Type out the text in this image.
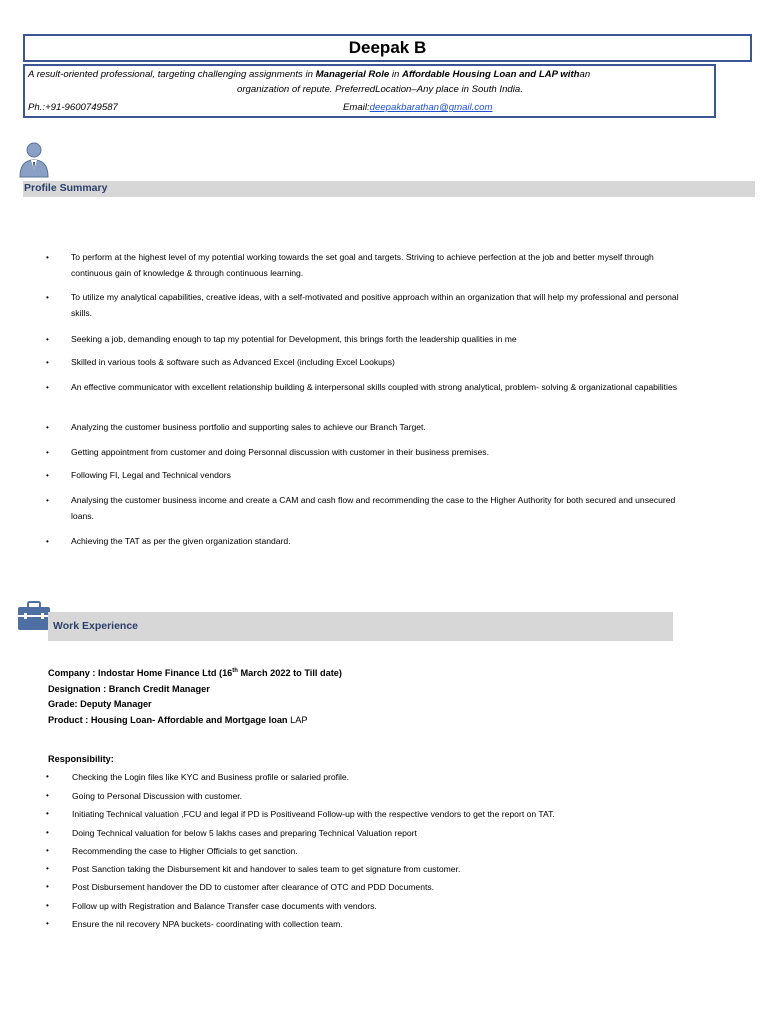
Deepak B
A result-oriented professional, targeting challenging assignments in Managerial Role in Affordable Housing Loan and LAP withan
organization of repute. PreferredLocation–Any place in South India.
Ph.:+91-9600749587	Email:deepakbarathan@gmail.com
Profile Summary
•	To perform at the highest level of my potential working towards the set goal and targets. Striving to achieve perfection at the job and better myself through continuous gain of knowledge & through continuous learning.
•	To utilize my analytical capabilities, creative ideas, with a self-motivated and positive approach within an organization that will help my professional and personal skills.
•	Seeking a job, demanding enough to tap my potential for Development, this brings forth the leadership qualities in me
•	Skilled in various tools & software such as Advanced Excel (including Excel Lookups)
•	An effective communicator with excellent relationship building & interpersonal skills coupled with strong analytical, problem- solving & organizational capabilities
•	Analyzing the customer business portfolio and supporting sales to achieve our Branch Target.
•	Getting appointment from customer and doing Personnal discussion with customer in their business premises.
•	Following FI, Legal and Technical vendors
•	Analysing the customer business income and create a CAM and cash flow and recommending the case to the Higher Authority for both secured and unsecured loans.
•	Achieving the TAT as per the given organization standard.
Work Experience
Company : Indostar Home Finance Ltd (16th March 2022 to Till date)
Designation : Branch Credit Manager
Grade: Deputy Manager
Product : Housing Loan- Affordable and Mortgage loan LAP
Responsibility:
•	Checking the Login files like KYC and Business profile or salaried profile.
•	Going to Personal Discussion with customer.
•	Initiating Technical valuation ,FCU and legal if PD is Positiveand Follow-up with the respective vendors to get the report on TAT.
•	Doing Technical valuation for below 5 lakhs cases and preparing Technical Valuation report
•	Recommending the case to Higher Officials to get sanction.
•	Post Sanction taking the Disbursement kit and handover to sales team to get signature from customer.
•	Post Disbursement handover the DD to customer after clearance of OTC and PDD Documents.
•	Follow up with Registration and Balance Transfer case documents with vendors.
•	Ensure the nil recovery NPA buckets- coordinating with collection team.
